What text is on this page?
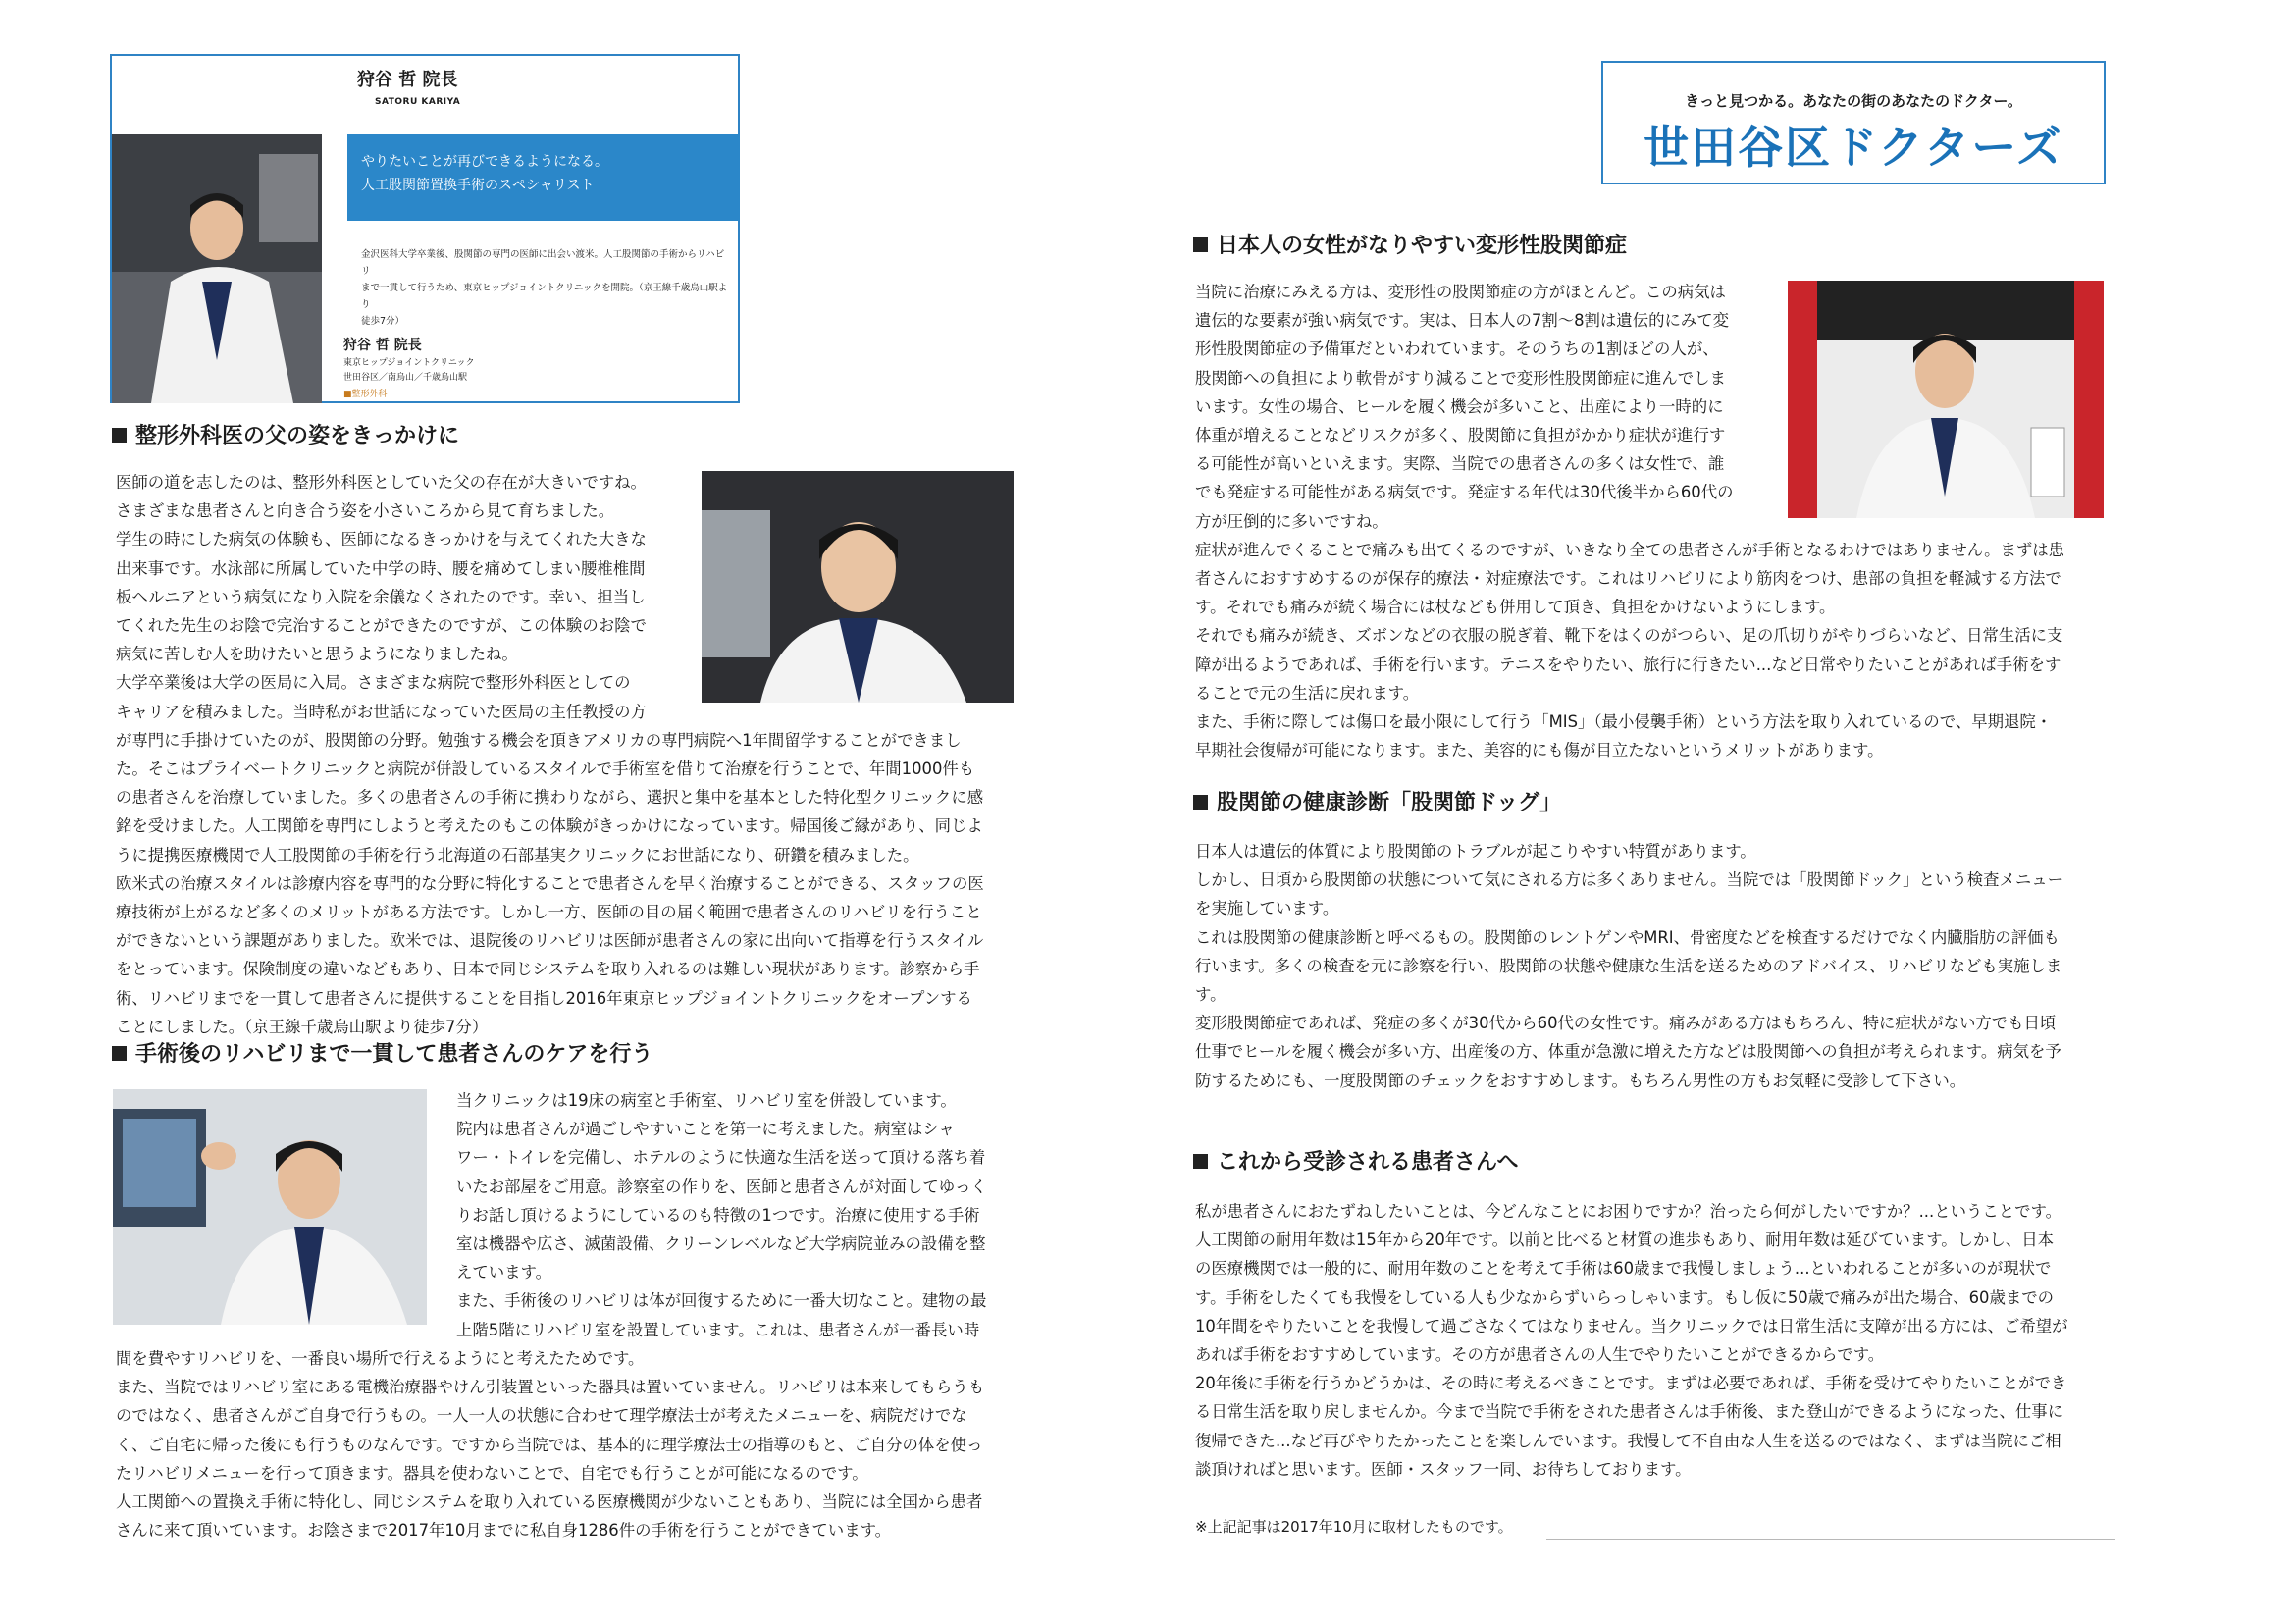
狩谷 哲 院長
SATORU KARIYA
やりたいことが再びできるようになる。
人工股関節置換手術のスペシャリスト
金沢医科大学卒業後、股関節の専門の医師に出会い渡米。人工股関節の手術からリハビリ
まで一貫して行うため、東京ヒップジョイントクリニックを開院。（京王線千歳烏山駅より
徒歩7分）
狩谷 哲 院長
東京ヒップジョイントクリニック
世田谷区／南烏山／千歳烏山駅
■整形外科
きっと見つかる。あなたの街のあなたのドクター。
世田谷区ドクターズ
整形外科医の父の姿をきっかけに
医師の道を志したのは、整形外科医としていた父の存在が大きいですね。
さまざまな患者さんと向き合う姿を小さいころから見て育ちました。
学生の時にした病気の体験も、医師になるきっかけを与えてくれた大きな
出来事です。水泳部に所属していた中学の時、腰を痛めてしまい腰椎椎間
板ヘルニアという病気になり入院を余儀なくされたのです。幸い、担当し
てくれた先生のお陰で完治することができたのですが、この体験のお陰で
病気に苦しむ人を助けたいと思うようになりましたね。
大学卒業後は大学の医局に入局。さまざまな病院で整形外科医としての
キャリアを積みました。当時私がお世話になっていた医局の主任教授の方
が専門に手掛けていたのが、股関節の分野。勉強する機会を頂きアメリカの専門病院へ1年間留学することができまし
た。そこはプライベートクリニックと病院が併設しているスタイルで手術室を借りて治療を行うことで、年間1000件も
の患者さんを治療していました。多くの患者さんの手術に携わりながら、選択と集中を基本とした特化型クリニックに感
銘を受けました。人工関節を専門にしようと考えたのもこの体験がきっかけになっています。帰国後ご縁があり、同じよ
うに提携医療機関で人工股関節の手術を行う北海道の石部基実クリニックにお世話になり、研鑽を積みました。
欧米式の治療スタイルは診療内容を専門的な分野に特化することで患者さんを早く治療することができる、スタッフの医
療技術が上がるなど多くのメリットがある方法です。しかし一方、医師の目の届く範囲で患者さんのリハビリを行うこと
ができないという課題がありました。欧米では、退院後のリハビリは医師が患者さんの家に出向いて指導を行うスタイル
をとっています。保険制度の違いなどもあり、日本で同じシステムを取り入れるのは難しい現状があります。診察から手
術、リハビリまでを一貫して患者さんに提供することを目指し2016年東京ヒップジョイントクリニックをオープンする
ことにしました。（京王線千歳烏山駅より徒歩7分）
手術後のリハビリまで一貫して患者さんのケアを行う
当クリニックは19床の病室と手術室、リハビリ室を併設しています。
院内は患者さんが過ごしやすいことを第一に考えました。病室はシャ
ワー・トイレを完備し、ホテルのように快適な生活を送って頂ける落ち着
いたお部屋をご用意。診察室の作りを、医師と患者さんが対面してゆっく
りお話し頂けるようにしているのも特徴の1つです。治療に使用する手術
室は機器や広さ、滅菌設備、クリーンレベルなど大学病院並みの設備を整
えています。
また、手術後のリハビリは体が回復するために一番大切なこと。建物の最
上階5階にリハビリ室を設置しています。これは、患者さんが一番長い時
間を費やすリハビリを、一番良い場所で行えるようにと考えたためです。
また、当院ではリハビリ室にある電機治療器やけん引装置といった器具は置いていません。リハビリは本来してもらうも
のではなく、患者さんがご自身で行うもの。一人一人の状態に合わせて理学療法士が考えたメニューを、病院だけでな
く、ご自宅に帰った後にも行うものなんです。ですから当院では、基本的に理学療法士の指導のもと、ご自分の体を使っ
たリハビリメニューを行って頂きます。器具を使わないことで、自宅でも行うことが可能になるのです。
人工関節への置換え手術に特化し、同じシステムを取り入れている医療機関が少ないこともあり、当院には全国から患者
さんに来て頂いています。お陰さまで2017年10月までに私自身1286件の手術を行うことができています。
日本人の女性がなりやすい変形性股関節症
当院に治療にみえる方は、変形性の股関節症の方がほとんど。この病気は
遺伝的な要素が強い病気です。実は、日本人の7割～8割は遺伝的にみて変
形性股関節症の予備軍だといわれています。そのうちの1割ほどの人が、
股関節への負担により軟骨がすり減ることで変形性股関節症に進んでしま
います。女性の場合、ヒールを履く機会が多いこと、出産により一時的に
体重が増えることなどリスクが多く、股関節に負担がかかり症状が進行す
る可能性が高いといえます。実際、当院での患者さんの多くは女性で、誰
でも発症する可能性がある病気です。発症する年代は30代後半から60代の
方が圧倒的に多いですね。
症状が進んでくることで痛みも出てくるのですが、いきなり全ての患者さんが手術となるわけではありません。まずは患
者さんにおすすめするのが保存的療法・対症療法です。これはリハビリにより筋肉をつけ、患部の負担を軽減する方法で
す。それでも痛みが続く場合には杖なども併用して頂き、負担をかけないようにします。
それでも痛みが続き、ズボンなどの衣服の脱ぎ着、靴下をはくのがつらい、足の爪切りがやりづらいなど、日常生活に支
障が出るようであれば、手術を行います。テニスをやりたい、旅行に行きたい...など日常やりたいことがあれば手術をす
ることで元の生活に戻れます。
また、手術に際しては傷口を最小限にして行う「MIS」（最小侵襲手術）という方法を取り入れているので、早期退院・
早期社会復帰が可能になります。また、美容的にも傷が目立たないというメリットがあります。
股関節の健康診断「股関節ドッグ」
日本人は遺伝的体質により股関節のトラブルが起こりやすい特質があります。
しかし、日頃から股関節の状態について気にされる方は多くありません。当院では「股関節ドック」という検査メニュー
を実施しています。
これは股関節の健康診断と呼べるもの。股関節のレントゲンやMRI、骨密度などを検査するだけでなく内臓脂肪の評価も
行います。多くの検査を元に診察を行い、股関節の状態や健康な生活を送るためのアドバイス、リハビリなども実施しま
す。
変形股関節症であれば、発症の多くが30代から60代の女性です。痛みがある方はもちろん、特に症状がない方でも日頃
仕事でヒールを履く機会が多い方、出産後の方、体重が急激に増えた方などは股関節への負担が考えられます。病気を予
防するためにも、一度股関節のチェックをおすすめします。もちろん男性の方もお気軽に受診して下さい。
これから受診される患者さんへ
私が患者さんにおたずねしたいことは、今どんなことにお困りですか？治ったら何がしたいですか？...ということです。
人工関節の耐用年数は15年から20年です。以前と比べると材質の進歩もあり、耐用年数は延びています。しかし、日本
の医療機関では一般的に、耐用年数のことを考えて手術は60歳まで我慢しましょう...といわれることが多いのが現状で
す。手術をしたくても我慢をしている人も少なからずいらっしゃいます。もし仮に50歳で痛みが出た場合、60歳までの
10年間をやりたいことを我慢して過ごさなくてはなりません。当クリニックでは日常生活に支障が出る方には、ご希望が
あれば手術をおすすめしています。その方が患者さんの人生でやりたいことができるからです。
20年後に手術を行うかどうかは、その時に考えるべきことです。まずは必要であれば、手術を受けてやりたいことができ
る日常生活を取り戻しませんか。今まで当院で手術をされた患者さんは手術後、また登山ができるようになった、仕事に
復帰できた...など再びやりたかったことを楽しんでいます。我慢して不自由な人生を送るのではなく、まずは当院にご相
談頂ければと思います。医師・スタッフ一同、お待ちしております。
※上記記事は2017年10月に取材したものです。
